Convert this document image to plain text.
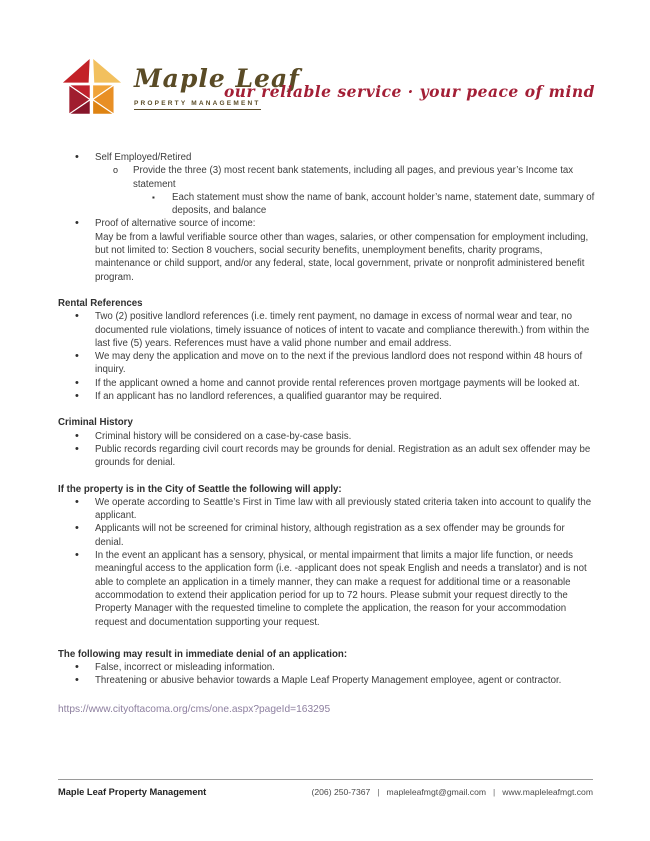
Maple Leaf
PROPERTY MANAGEMENT
our reliable service · your peace of mind
• Self Employed/Retired
o Provide the three (3) most recent bank statements, including all pages, and previous year’s Income tax statement
▪ Each statement must show the name of bank, account holder’s name, statement date, summary of deposits, and balance
• Proof of alternative source of income:
May be from a lawful verifiable source other than wages, salaries, or other compensation for employment including, but not limited to: Section 8 vouchers, social security benefits, unemployment benefits, charity programs, maintenance or child support, and/or any federal, state, local government, private or nonprofit administered benefit program.
Rental References
• Two (2) positive landlord references (i.e. timely rent payment, no damage in excess of normal wear and tear, no documented rule violations, timely issuance of notices of intent to vacate and compliance therewith.) from within the last five (5) years. References must have a valid phone number and email address.
• We may deny the application and move on to the next if the previous landlord does not respond within 48 hours of inquiry.
• If the applicant owned a home and cannot provide rental references proven mortgage payments will be looked at.
• If an applicant has no landlord references, a qualified guarantor may be required.
Criminal History
• Criminal history will be considered on a case-by-case basis.
• Public records regarding civil court records may be grounds for denial. Registration as an adult sex offender may be grounds for denial.
If the property is in the City of Seattle the following will apply:
• We operate according to Seattle’s First in Time law with all previously stated criteria taken into account to qualify the applicant.
• Applicants will not be screened for criminal history, although registration as a sex offender may be grounds for denial.
• In the event an applicant has a sensory, physical, or mental impairment that limits a major life function, or needs meaningful access to the application form (i.e. -applicant does not speak English and needs a translator) and is not able to complete an application in a timely manner, they can make a request for additional time or a reasonable accommodation to extend their application period for up to 72 hours. Please submit your request directly to the Property Manager with the requested timeline to complete the application, the reason for your accommodation request and documentation supporting your request.
The following may result in immediate denial of an application:
• False, incorrect or misleading information.
• Threatening or abusive behavior towards a Maple Leaf Property Management employee, agent or contractor.
https://www.cityoftacoma.org/cms/one.aspx?pageId=163295
Maple Leaf Property Management	(206) 250-7367 | mapleleafmgt@gmail.com | www.mapleleafmgt.com
